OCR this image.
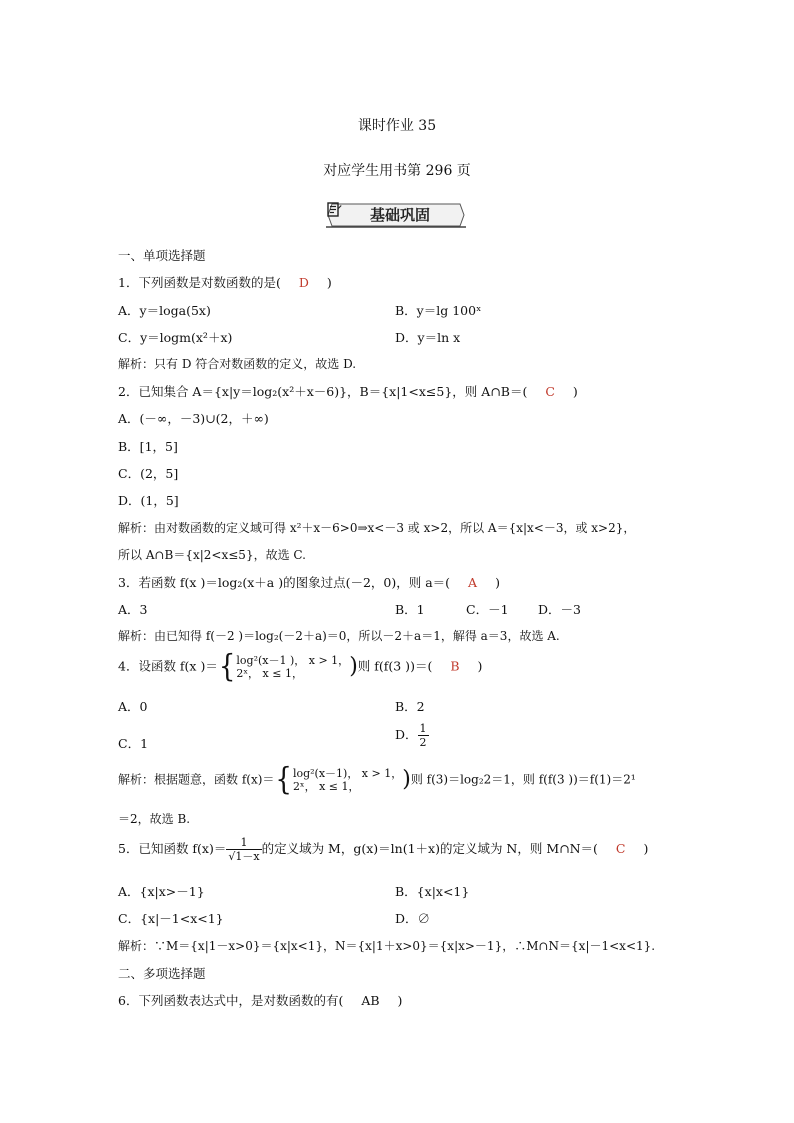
课时作业 35
对应学生用书第 296 页
基础巩固
一、单项选择题
1．下列函数是对数函数的是( D )
A．y＝loga(5x)	B．y＝lg 100ˣ
C．y＝logm(x²＋x)	D．y＝ln x
解析：只有 D 符合对数函数的定义，故选 D.
2．已知集合 A＝{x|y＝log₂(x²＋x－6)}，B＝{x|1<x≤5}，则 A∩B＝( C )
A．(－∞，－3)∪(2，＋∞)
B．[1，5]
C．(2，5]
D．(1，5]
解析：由对数函数的定义域可得 x²＋x－6>0⇒x<－3 或 x>2，所以 A＝{x|x<－3，或 x>2}，
所以 A∩B＝{x|2<x≤5}，故选 C.
3．若函数 f(x )＝log₂(x＋a )的图象过点(－2，0)，则 a＝( A )
A．3	B．1	C．－1 D．－3
解析：由已知得 f(－2 )＝log₂(－2＋a)＝0，所以－2＋a＝1，解得 a＝3，故选 A.
4．设函数 f(x )＝{ log²(x－1 )， x > 1，
2ˣ， x ≤ 1，	)则 f(f(3 ))＝( B )
A．0	B．2
C．1
D． $\frac{1}{2}$
解析：根据题意，函数 f(x)＝{ log²(x－1)， x > 1，
2ˣ， x ≤ 1，	)则 f(3)＝log₂2＝1，则 f(f(3 ))＝f(1)＝2¹
＝2，故选 B.
5．已知函数 $f(x)= \frac{1}{√1-x}$ 的定义域为 M，g(x)＝ln(1＋x)的定义域为 N，则 M∩N＝( C )
A．{x|x>－1}	B．{x|x<1}
C．{x|－1<x<1}	D．∅
解析：∵M＝{x|1－x>0}＝{x|x<1}，N＝{x|1＋x>0}＝{x|x>－1}，∴M∩N＝{x|－1<x<1}.
二、多项选择题
6．下列函数表达式中，是对数函数的有( AB )
